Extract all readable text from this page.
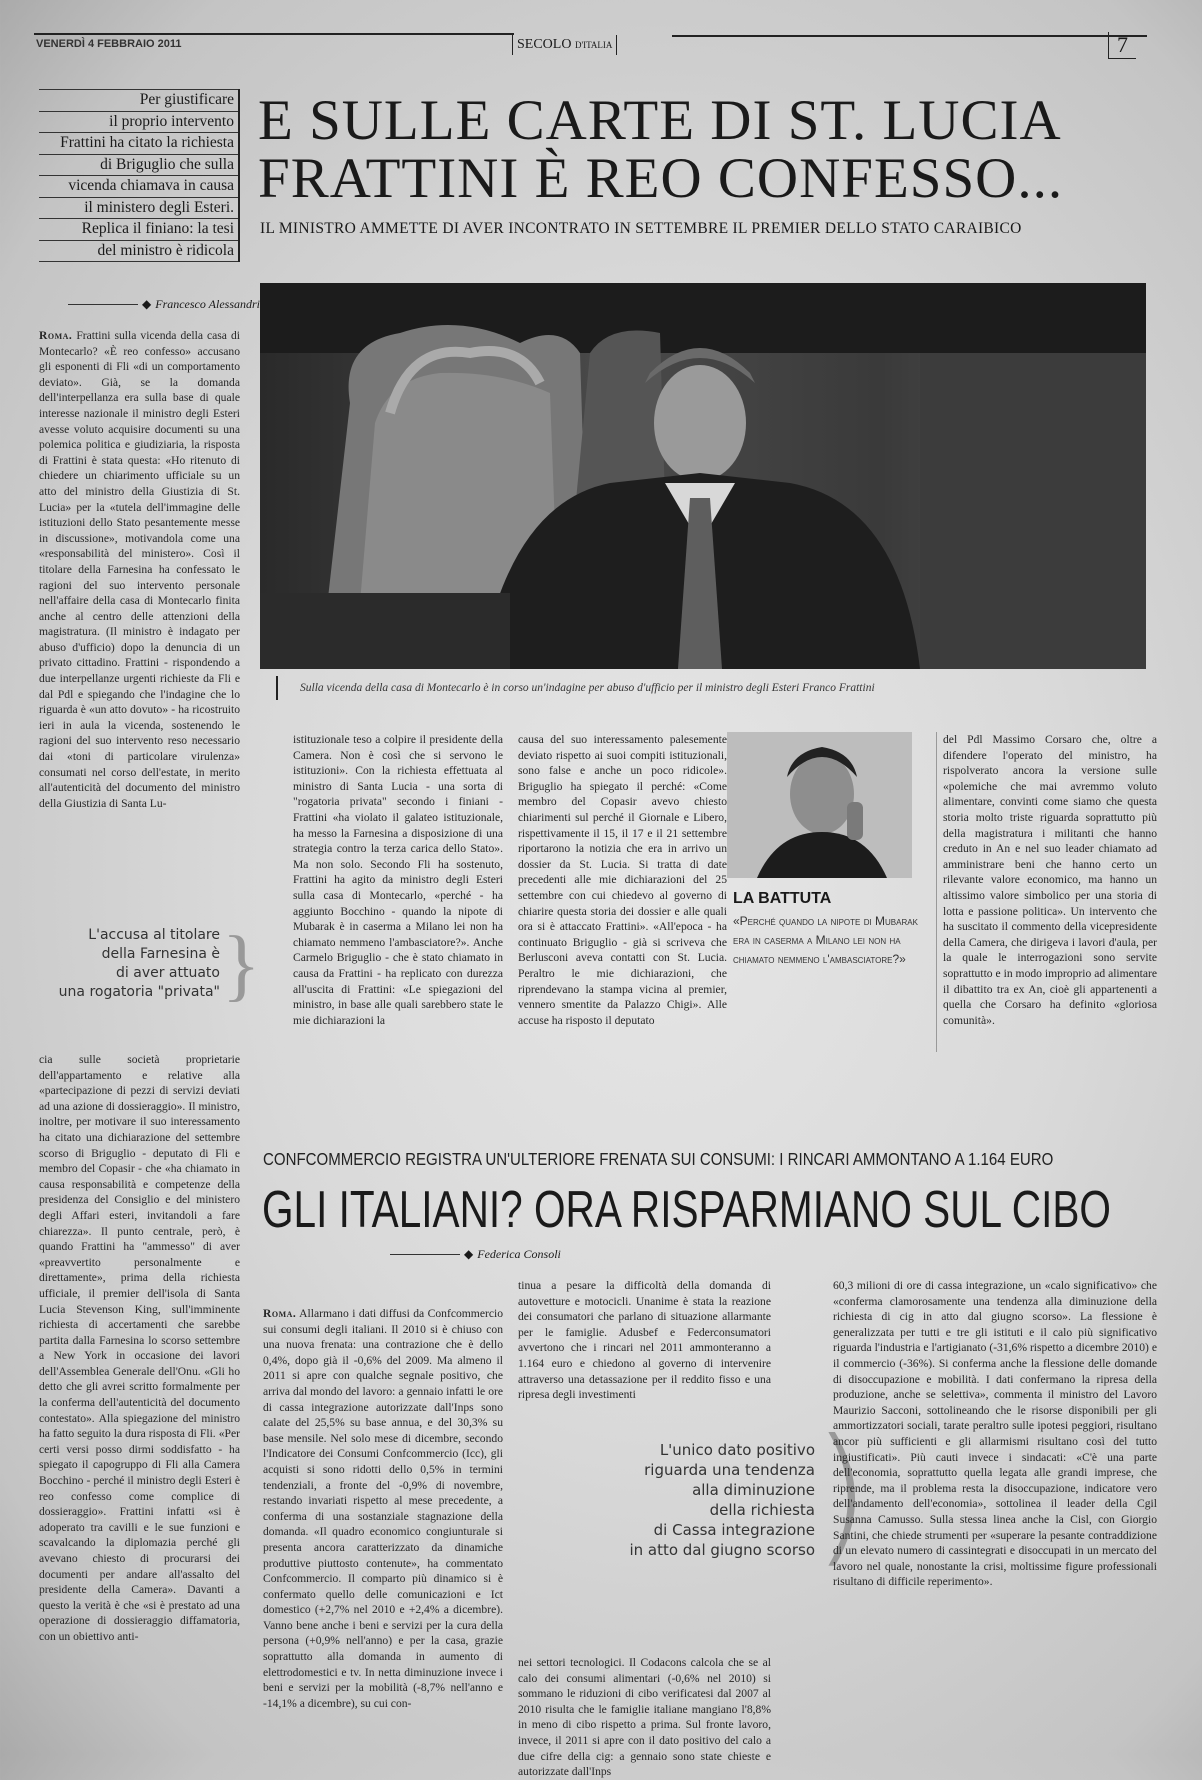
VENERDÌ 4 FEBBRAIO 2011	SECOLO D'ITALIA	7
Per giustificare
il proprio intervento
Frattini ha citato la richiesta
di Briguglio che sulla
vicenda chiamava in causa
il ministero degli Esteri.
Replica il finiano: la tesi
del ministro è ridicola
E SULLE CARTE DI ST. LUCIA
FRATTINI È REO CONFESSO...
IL MINISTRO AMMETTE DI AVER INCONTRATO IN SETTEMBRE IL PREMIER DELLO STATO CARAIBICO
◆ Francesco Alessandri
Sulla vicenda della casa di Montecarlo è in corso un'indagine per abuso d'ufficio per il ministro degli Esteri Franco Frattini
Roma. Frattini sulla vicenda della casa di Montecarlo? «È reo confesso» accusano gli esponenti di Fli «di un comportamento deviato». Già, se la domanda dell'interpellanza era sulla base di quale interesse nazionale il ministro degli Esteri avesse voluto acquisire documenti su una polemica politica e giudiziaria, la risposta di Frattini è stata questa: «Ho ritenuto di chiedere un chiarimento ufficiale su un atto del ministro della Giustizia di St. Lucia» per la «tutela dell'immagine delle istituzioni dello Stato pesantemente messe in discussione», motivandola come una «responsabilità del ministero». Così il titolare della Farnesina ha confessato le ragioni del suo intervento personale nell'affaire della casa di Montecarlo finita anche al centro delle attenzioni della magistratura. (Il ministro è indagato per abuso d'ufficio) dopo la denuncia di un privato cittadino. Frattini - rispondendo a due interpellanze urgenti richieste da Fli e dal Pdl e spiegando che l'indagine che lo riguarda è «un atto dovuto» - ha ricostruito ieri in aula la vicenda, sostenendo le ragioni del suo intervento reso necessario dai «toni di particolare virulenza» consumati nel corso dell'estate, in merito all'autenticità del documento del ministro della Giustizia di Santa Lu-
L'accusa al titolare
della Farnesina è
di aver attuato
una rogatoria "privata" }
cia sulle società proprietarie dell'appartamento e relative alla «partecipazione di pezzi di servizi deviati ad una azione di dossieraggio». Il ministro, inoltre, per motivare il suo interessamento ha citato una dichiarazione del settembre scorso di Briguglio - deputato di Fli e membro del Copasir - che «ha chiamato in causa responsabilità e competenze della presidenza del Consiglio e del ministero degli Affari esteri, invitandoli a fare chiarezza». Il punto centrale, però, è quando Frattini ha "ammesso" di aver «preavvertito personalmente e direttamente», prima della richiesta ufficiale, il premier dell'isola di Santa Lucia Stevenson King, sull'imminente richiesta di accertamenti che sarebbe partita dalla Farnesina lo scorso settembre a New York in occasione dei lavori dell'Assemblea Generale dell'Onu. «Gli ho detto che gli avrei scritto formalmente per la conferma dell'autenticità del documento contestato». Alla spiegazione del ministro ha fatto seguito la dura risposta di Fli. «Per certi versi posso dirmi soddisfatto - ha spiegato il capogruppo di Fli alla Camera Bocchino - perché il ministro degli Esteri è reo confesso come complice di dossieraggio». Frattini infatti «si è adoperato tra cavilli e le sue funzioni e scavalcando la diplomazia perché gli avevano chiesto di procurarsi dei documenti per andare all'assalto del presidente della Camera». Davanti a questo la verità è che «si è prestato ad una operazione di dossieraggio diffamatoria, con un obiettivo anti-
istituzionale teso a colpire il presidente della Camera. Non è così che si servono le istituzioni». Con la richiesta effettuata al ministro di Santa Lucia - una sorta di "rogatoria privata" secondo i finiani - Frattini «ha violato il galateo istituzionale, ha messo la Farnesina a disposizione di una strategia contro la terza carica dello Stato». Ma non solo. Secondo Fli ha sostenuto, Frattini ha agito da ministro degli Esteri sulla casa di Montecarlo, «perché - ha aggiunto Bocchino - quando la nipote di Mubarak è in caserma a Milano lei non ha chiamato nemmeno l'ambasciatore?». Anche Carmelo Briguglio - che è stato chiamato in causa da Frattini - ha replicato con durezza all'uscita di Frattini: «Le spiegazioni del ministro, in base alle quali sarebbero state le mie dichiarazioni la
causa del suo interessamento palesemente deviato rispetto ai suoi compiti istituzionali, sono false e anche un poco ridicole». Briguglio ha spiegato il perché: «Come membro del Copasir avevo chiesto chiarimenti sul perché il Giornale e Libero, rispettivamente il 15, il 17 e il 21 settembre riportarono la notizia che era in arrivo un dossier da St. Lucia. Si tratta di date precedenti alle mie dichiarazioni del 25 settembre con cui chiedevo al governo di chiarire questa storia dei dossier e alle quali ora si è attaccato Frattini». «All'epoca - ha continuato Briguglio - già si scriveva che Berlusconi aveva contatti con St. Lucia. Peraltro le mie dichiarazioni, che riprendevano la stampa vicina al premier, vennero smentite da Palazzo Chigi». Alle accuse ha risposto il deputato
LA BATTUTA
«Perché quando la nipote di Mubarak era in caserma a Milano lei non ha chiamato nemmeno l'ambasciatore?»
del Pdl Massimo Corsaro che, oltre a difendere l'operato del ministro, ha rispolverato ancora la versione sulle «polemiche che mai avremmo voluto alimentare, convinti come siamo che questa storia molto triste riguarda soprattutto più della magistratura i militanti che hanno creduto in An e nel suo leader chiamato ad amministrare beni che hanno certo un rilevante valore economico, ma hanno un altissimo valore simbolico per una storia di lotta e passione politica». Un intervento che ha suscitato il commento della vicepresidente della Camera, che dirigeva i lavori d'aula, per la quale le interrogazioni sono servite soprattutto e in modo improprio ad alimentare il dibattito tra ex An, cioè gli appartenenti a quella che Corsaro ha definito «gloriosa comunità».
CONFCOMMERCIO REGISTRA UN'ULTERIORE FRENATA SUI CONSUMI: I RINCARI AMMONTANO A 1.164 EURO
GLI ITALIANI? ORA RISPARMIANO SUL CIBO
◆ Federica Consoli
Roma. Allarmano i dati diffusi da Confcommercio sui consumi degli italiani. Il 2010 si è chiuso con una nuova frenata: una contrazione che è dello 0,4%, dopo già il -0,6% del 2009. Ma almeno il 2011 si apre con qualche segnale positivo, che arriva dal mondo del lavoro: a gennaio infatti le ore di cassa integrazione autorizzate dall'Inps sono calate del 25,5% su base annua, e del 30,3% su base mensile. Nel solo mese di dicembre, secondo l'Indicatore dei Consumi Confcommercio (Icc), gli acquisti si sono ridotti dello 0,5% in termini tendenziali, a fronte del -0,9% di novembre, restando invariati rispetto al mese precedente, a conferma di una sostanziale stagnazione della domanda. «Il quadro economico congiunturale si presenta ancora caratterizzato da dinamiche produttive piuttosto contenute», ha commentato Confcommercio. Il comparto più dinamico si è confermato quello delle comunicazioni e Ict domestico (+2,7% nel 2010 e +2,4% a dicembre). Vanno bene anche i beni e servizi per la cura della persona (+0,9% nell'anno) e per la casa, grazie soprattutto alla domanda in aumento di elettrodomestici e tv. In netta diminuzione invece i beni e servizi per la mobilità (-8,7% nell'anno e -14,1% a dicembre), su cui con-
tinua a pesare la difficoltà della domanda di autovetture e motocicli. Unanime è stata la reazione dei consumatori che parlano di situazione allarmante per le famiglie. Adusbef e Federconsumatori avvertono che i rincari nel 2011 ammonteranno a 1.164 euro e chiedono al governo di intervenire attraverso una detassazione per il reddito fisso e una ripresa degli investimenti
L'unico dato positivo
riguarda una tendenza
alla diminuzione
della richiesta
di Cassa integrazione
in atto dal giugno scorso
)
nei settori tecnologici. Il Codacons calcola che se al calo dei consumi alimentari (-0,6% nel 2010) si sommano le riduzioni di cibo verificatesi dal 2007 al 2010 risulta che le famiglie italiane mangiano l'8,8% in meno di cibo rispetto a prima. Sul fronte lavoro, invece, il 2011 si apre con il dato positivo del calo a due cifre della cig: a gennaio sono state chieste e autorizzate dall'Inps
60,3 milioni di ore di cassa integrazione, un «calo significativo» che «conferma clamorosamente una tendenza alla diminuzione della richiesta di cig in atto dal giugno scorso». La flessione è generalizzata per tutti e tre gli istituti e il calo più significativo riguarda l'industria e l'artigianato (-31,6% rispetto a dicembre 2010) e il commercio (-36%). Si conferma anche la flessione delle domande di disoccupazione e mobilità. I dati confermano la ripresa della produzione, anche se selettiva», commenta il ministro del Lavoro Maurizio Sacconi, sottolineando che le risorse disponibili per gli ammortizzatori sociali, tarate peraltro sulle ipotesi peggiori, risultano ancor più sufficienti e gli allarmismi risultano così del tutto ingiustificati». Più cauti invece i sindacati: «C'è una parte dell'economia, soprattutto quella legata alle grandi imprese, che riprende, ma il problema resta la disoccupazione, indicatore vero dell'andamento dell'economia», sottolinea il leader della Cgil Susanna Camusso. Sulla stessa linea anche la Cisl, con Giorgio Santini, che chiede strumenti per «superare la pesante contraddizione di un elevato numero di cassintegrati e disoccupati in un mercato del lavoro nel quale, nonostante la crisi, moltissime figure professionali risultano di difficile reperimento».
